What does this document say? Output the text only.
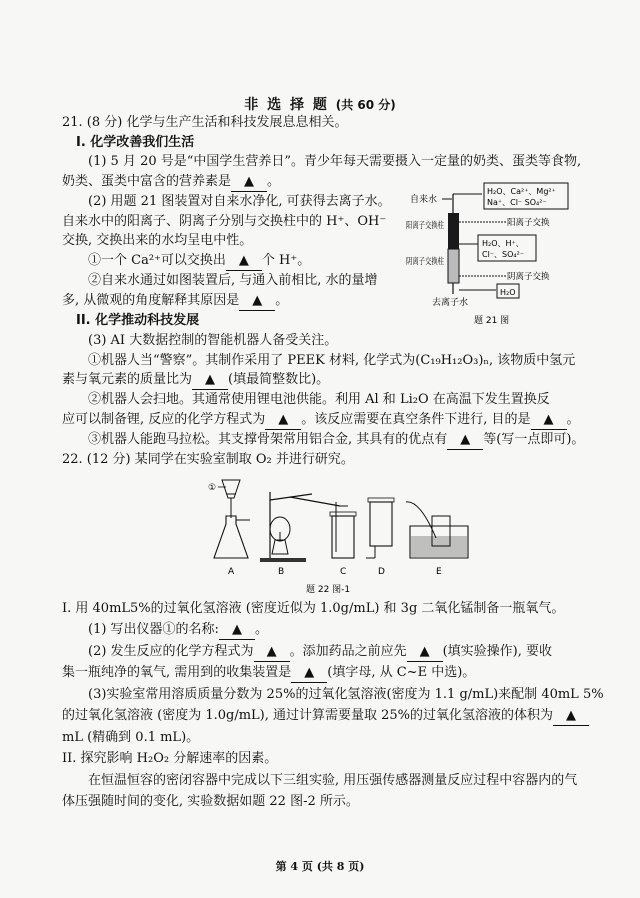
非 选 择 题 (共 60 分)
21. (8 分) 化学与生产生活和科技发展息息相关。
I. 化学改善我们生活
(1) 5 月 20 号是“中国学生营养日”。青少年每天需要摄入一定量的奶类、蛋类等食物,
奶类、蛋类中富含的营养素是 ▲ 。
(2) 用题 21 图装置对自来水净化, 可获得去离子水。
自来水中的阳离子、阴离子分别与交换柱中的 H⁺、OH⁻
交换, 交换出来的水均呈电中性。
①一个 Ca²⁺可以交换出 ▲ 个 H⁺。
②自来水通过如图装置后, 与通入前相比, 水的量增
多, 从微观的角度解释其原因是 ▲ 。
II. 化学推动科技发展
(3) AI 大数据控制的智能机器人备受关注。
①机器人当“警察”。其制作采用了 PEEK 材料, 化学式为(C₁₉H₁₂O₃)ₙ, 该物质中氢元
素与氧元素的质量比为 ▲ (填最简整数比)。
②机器人会扫地。其通常使用锂电池供能。利用 Al 和 Li₂O 在高温下发生置换反
应可以制备锂, 反应的化学方程式为 ▲ 。该反应需要在真空条件下进行, 目的是 ▲ 。
③机器人能跑马拉松。其支撑骨架常用铝合金, 其具有的优点有 ▲ 等(写一点即可)。
自来水
H₂O、Ca²⁺、Mg²⁺
Na⁺、Cl⁻ SO₄²⁻
阳离子交换柱	阳离子交换
H₂O、H⁺、
Cl⁻、SO₄²⁻
阴离子交换柱
阴离子交换
H₂O
去离子水
题 21 图
22. (12 分) 某同学在实验室制取 O₂ 并进行研究。
①
A	B	C	D	E
题 22 图-1
I. 用 40mL5%的过氧化氢溶液 (密度近似为 1.0g/mL) 和 3g 二氧化锰制备一瓶氧气。
(1) 写出仪器①的名称: ▲ 。
(2) 发生反应的化学方程式为 ▲ 。添加药品之前应先 ▲ (填实验操作), 要收
集一瓶纯净的氧气, 需用到的收集装置是 ▲ (填字母, 从 C~E 中选)。
(3)实验室常用溶质质量分数为 25%的过氧化氢溶液(密度为 1.1 g/mL)来配制 40mL 5%
的过氧化氢溶液 (密度为 1.0g/mL), 通过计算需要量取 25%的过氧化氢溶液的体积为 ▲
mL (精确到 0.1 mL)。
II. 探究影响 H₂O₂ 分解速率的因素。
在恒温恒容的密闭容器中完成以下三组实验, 用压强传感器测量反应过程中容器内的气
体压强随时间的变化, 实验数据如题 22 图-2 所示。
第 4 页 (共 8 页)
